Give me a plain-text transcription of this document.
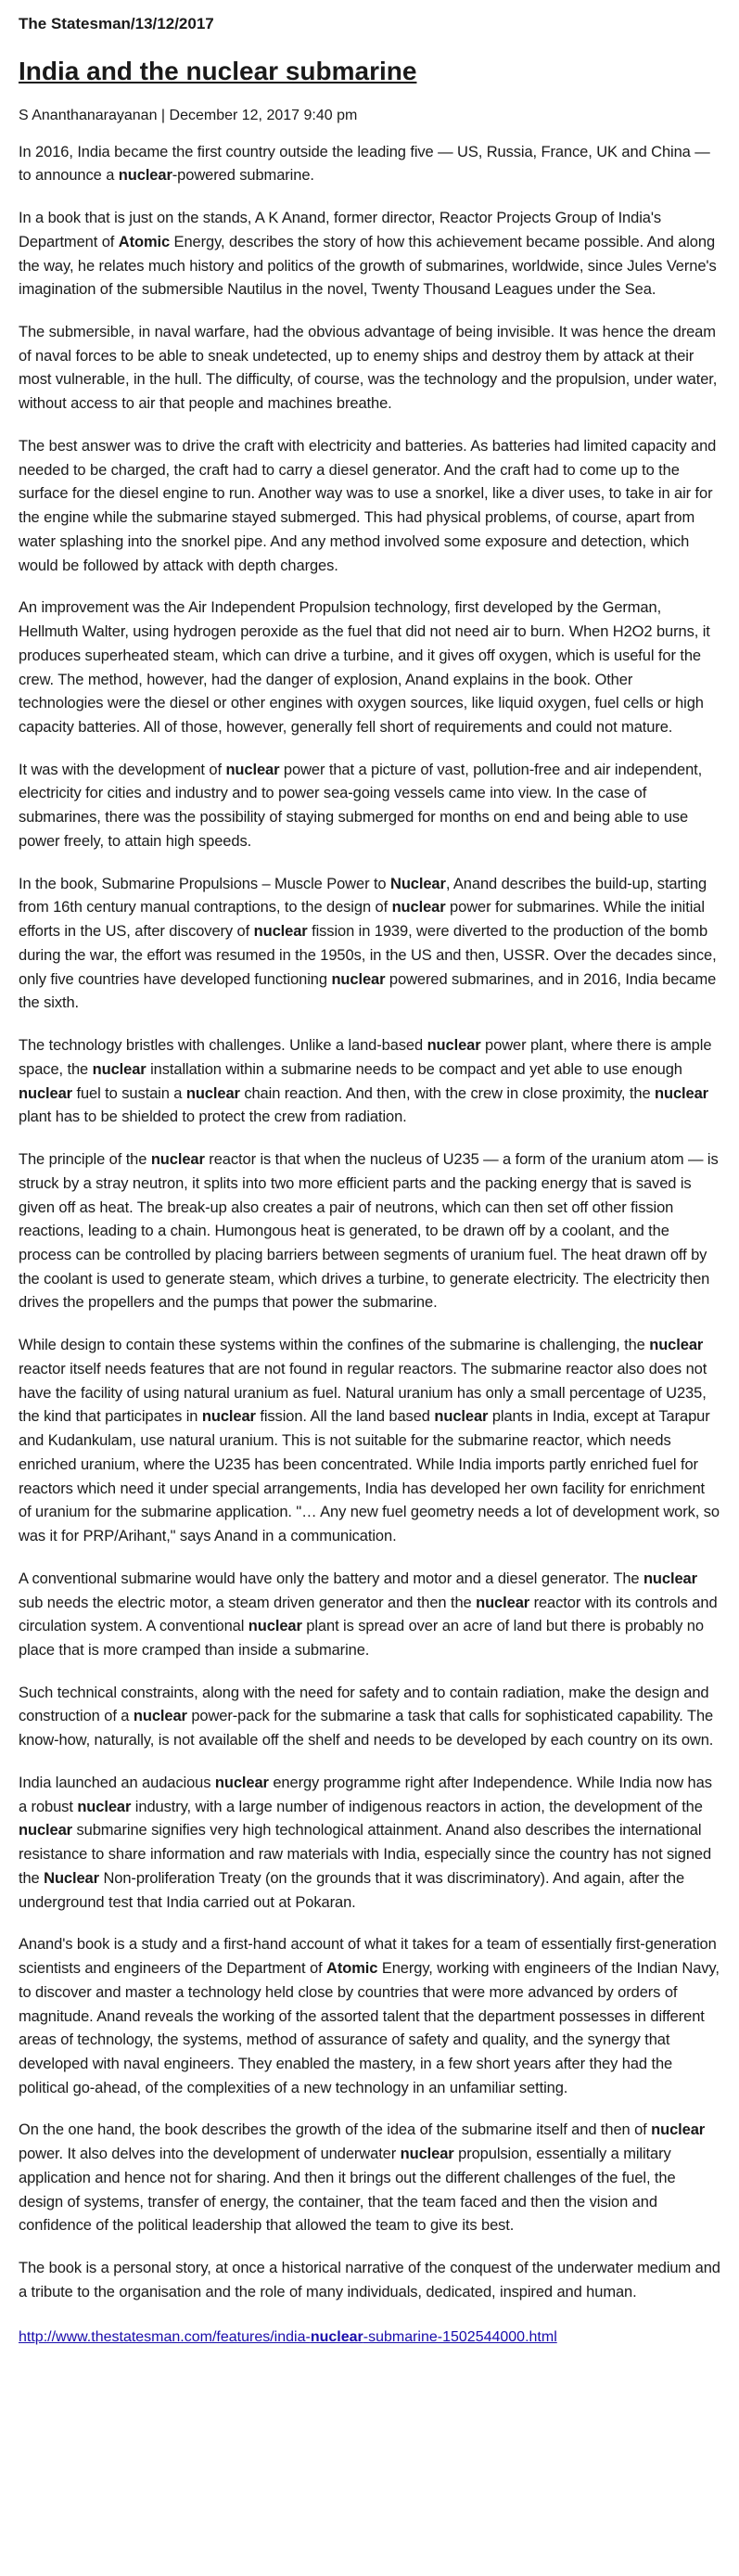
The Statesman/13/12/2017
India and the nuclear submarine
S Ananthanarayanan | December 12, 2017 9:40 pm

In 2016, India became the first country outside the leading five — US, Russia, France, UK and China — to announce a nuclear-powered submarine.

In a book that is just on the stands, A K Anand, former director, Reactor Projects Group of India's Department of Atomic Energy, describes the story of how this achievement became possible. And along the way, he relates much history and politics of the growth of submarines, worldwide, since Jules Verne's imagination of the submersible Nautilus in the novel, Twenty Thousand Leagues under the Sea.

The submersible, in naval warfare, had the obvious advantage of being invisible. It was hence the dream of naval forces to be able to sneak undetected, up to enemy ships and destroy them by attack at their most vulnerable, in the hull. The difficulty, of course, was the technology and the propulsion, under water, without access to air that people and machines breathe.

The best answer was to drive the craft with electricity and batteries. As batteries had limited capacity and needed to be charged, the craft had to carry a diesel generator. And the craft had to come up to the surface for the diesel engine to run. Another way was to use a snorkel, like a diver uses, to take in air for the engine while the submarine stayed submerged. This had physical problems, of course, apart from water splashing into the snorkel pipe. And any method involved some exposure and detection, which would be followed by attack with depth charges.

An improvement was the Air Independent Propulsion technology, first developed by the German, Hellmuth Walter, using hydrogen peroxide as the fuel that did not need air to burn. When H2O2 burns, it produces superheated steam, which can drive a turbine, and it gives off oxygen, which is useful for the crew. The method, however, had the danger of explosion, Anand explains in the book. Other technologies were the diesel or other engines with oxygen sources, like liquid oxygen, fuel cells or high capacity batteries. All of those, however, generally fell short of requirements and could not mature.

It was with the development of nuclear power that a picture of vast, pollution-free and air independent, electricity for cities and industry and to power sea-going vessels came into view. In the case of submarines, there was the possibility of staying submerged for months on end and being able to use power freely, to attain high speeds.

In the book, Submarine Propulsions – Muscle Power to Nuclear, Anand describes the build-up, starting from 16th century manual contraptions, to the design of nuclear power for submarines. While the initial efforts in the US, after discovery of nuclear fission in 1939, were diverted to the production of the bomb during the war, the effort was resumed in the 1950s, in the US and then, USSR. Over the decades since, only five countries have developed functioning nuclear powered submarines, and in 2016, India became the sixth.

The technology bristles with challenges. Unlike a land-based nuclear power plant, where there is ample space, the nuclear installation within a submarine needs to be compact and yet able to use enough nuclear fuel to sustain a nuclear chain reaction. And then, with the crew in close proximity, the nuclear plant has to be shielded to protect the crew from radiation.

The principle of the nuclear reactor is that when the nucleus of U235 — a form of the uranium atom — is struck by a stray neutron, it splits into two more efficient parts and the packing energy that is saved is given off as heat. The break-up also creates a pair of neutrons, which can then set off other fission reactions, leading to a chain. Humongous heat is generated, to be drawn off by a coolant, and the process can be controlled by placing barriers between segments of uranium fuel. The heat drawn off by the coolant is used to generate steam, which drives a turbine, to generate electricity. The electricity then drives the propellers and the pumps that power the submarine.

While design to contain these systems within the confines of the submarine is challenging, the nuclear reactor itself needs features that are not found in regular reactors. The submarine reactor also does not have the facility of using natural uranium as fuel. Natural uranium has only a small percentage of U235, the kind that participates in nuclear fission. All the land based nuclear plants in India, except at Tarapur and Kudankulam, use natural uranium. This is not suitable for the submarine reactor, which needs enriched uranium, where the U235 has been concentrated. While India imports partly enriched fuel for reactors which need it under special arrangements, India has developed her own facility for enrichment of uranium for the submarine application. "… Any new fuel geometry needs a lot of development work, so was it for PRP/Arihant," says Anand in a communication.

A conventional submarine would have only the battery and motor and a diesel generator. The nuclear sub needs the electric motor, a steam driven generator and then the nuclear reactor with its controls and circulation system. A conventional nuclear plant is spread over an acre of land but there is probably no place that is more cramped than inside a submarine.

Such technical constraints, along with the need for safety and to contain radiation, make the design and construction of a nuclear power-pack for the submarine a task that calls for sophisticated capability. The know-how, naturally, is not available off the shelf and needs to be developed by each country on its own.

India launched an audacious nuclear energy programme right after Independence. While India now has a robust nuclear industry, with a large number of indigenous reactors in action, the development of the nuclear submarine signifies very high technological attainment. Anand also describes the international resistance to share information and raw materials with India, especially since the country has not signed the Nuclear Non-proliferation Treaty (on the grounds that it was discriminatory). And again, after the underground test that India carried out at Pokaran.

Anand's book is a study and a first-hand account of what it takes for a team of essentially first-generation scientists and engineers of the Department of Atomic Energy, working with engineers of the Indian Navy, to discover and master a technology held close by countries that were more advanced by orders of magnitude. Anand reveals the working of the assorted talent that the department possesses in different areas of technology, the systems, method of assurance of safety and quality, and the synergy that developed with naval engineers. They enabled the mastery, in a few short years after they had the political go-ahead, of the complexities of a new technology in an unfamiliar setting.

On the one hand, the book describes the growth of the idea of the submarine itself and then of nuclear power. It also delves into the development of underwater nuclear propulsion, essentially a military application and hence not for sharing. And then it brings out the different challenges of the fuel, the design of systems, transfer of energy, the container, that the team faced and then the vision and confidence of the political leadership that allowed the team to give its best.

The book is a personal story, at once a historical narrative of the conquest of the underwater medium and a tribute to the organisation and the role of many individuals, dedicated, inspired and human.

http://www.thestatesman.com/features/india-nuclear-submarine-1502544000.html
